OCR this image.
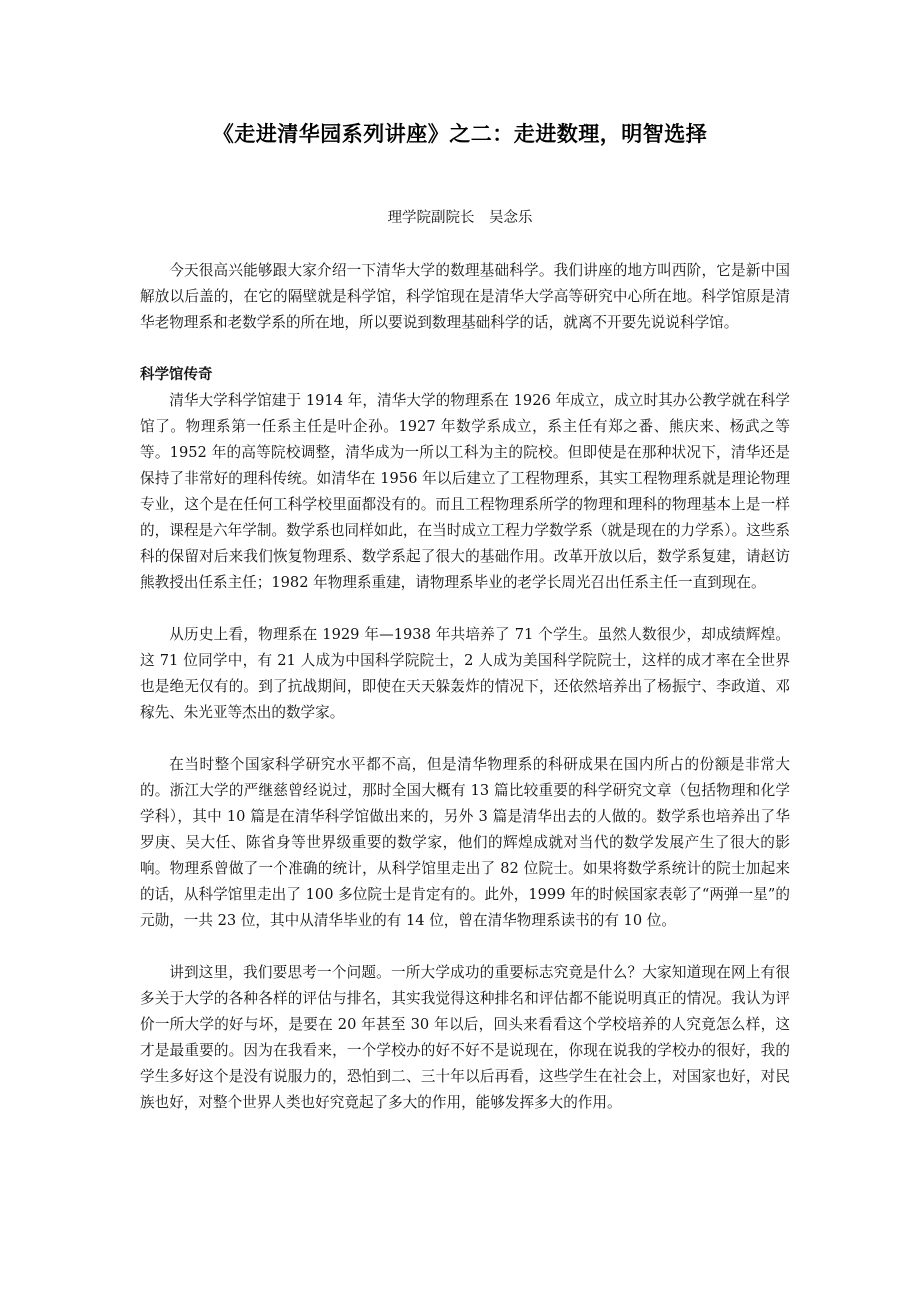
《走进清华园系列讲座》之二：走进数理，明智选择
理学院副院长　吴念乐

今天很高兴能够跟大家介绍一下清华大学的数理基础科学。我们讲座的地方叫西阶，它是新中国解放以后盖的，在它的隔壁就是科学馆，科学馆现在是清华大学高等研究中心所在地。科学馆原是清华老物理系和老数学系的所在地，所以要说到数理基础科学的话，就离不开要先说说科学馆。

科学馆传奇

清华大学科学馆建于 1914 年，清华大学的物理系在 1926 年成立，成立时其办公教学就在科学馆了。物理系第一任系主任是叶企孙。1927 年数学系成立，系主任有郑之番、熊庆来、杨武之等等。1952 年的高等院校调整，清华成为一所以工科为主的院校。但即使是在那种状况下，清华还是保持了非常好的理科传统。如清华在 1956 年以后建立了工程物理系，其实工程物理系就是理论物理专业，这个是在任何工科学校里面都没有的。而且工程物理系所学的物理和理科的物理基本上是一样的，课程是六年学制。数学系也同样如此，在当时成立工程力学数学系（就是现在的力学系）。这些系科的保留对后来我们恢复物理系、数学系起了很大的基础作用。改革开放以后，数学系复建，请赵访熊教授出任系主任；1982 年物理系重建，请物理系毕业的老学长周光召出任系主任一直到现在。

从历史上看，物理系在 1929 年—1938 年共培养了 71 个学生。虽然人数很少，却成绩辉煌。这 71 位同学中，有 21 人成为中国科学院院士，2 人成为美国科学院院士，这样的成才率在全世界也是绝无仅有的。到了抗战期间，即使在天天躲轰炸的情况下，还依然培养出了杨振宁、李政道、邓稼先、朱光亚等杰出的数学家。

在当时整个国家科学研究水平都不高，但是清华物理系的科研成果在国内所占的份额是非常大的。浙江大学的严继慈曾经说过，那时全国大概有 13 篇比较重要的科学研究文章（包括物理和化学学科），其中 10 篇是在清华科学馆做出来的，另外 3 篇是清华出去的人做的。数学系也培养出了华罗庚、吴大任、陈省身等世界级重要的数学家，他们的辉煌成就对当代的数学发展产生了很大的影响。物理系曾做了一个准确的统计，从科学馆里走出了 82 位院士。如果将数学系统计的院士加起来的话，从科学馆里走出了 100 多位院士是肯定有的。此外，1999 年的时候国家表彰了“两弹一星”的元勋，一共 23 位，其中从清华毕业的有 14 位，曾在清华物理系读书的有 10 位。

讲到这里，我们要思考一个问题。一所大学成功的重要标志究竟是什么？大家知道现在网上有很多关于大学的各种各样的评估与排名，其实我觉得这种排名和评估都不能说明真正的情况。我认为评价一所大学的好与坏，是要在 20 年甚至 30 年以后，回头来看看这个学校培养的人究竟怎么样，这才是最重要的。因为在我看来，一个学校办的好不好不是说现在，你现在说我的学校办的很好，我的学生多好这个是没有说服力的，恐怕到二、三十年以后再看，这些学生在社会上，对国家也好，对民族也好，对整个世界人类也好究竟起了多大的作用，能够发挥多大的作用。
